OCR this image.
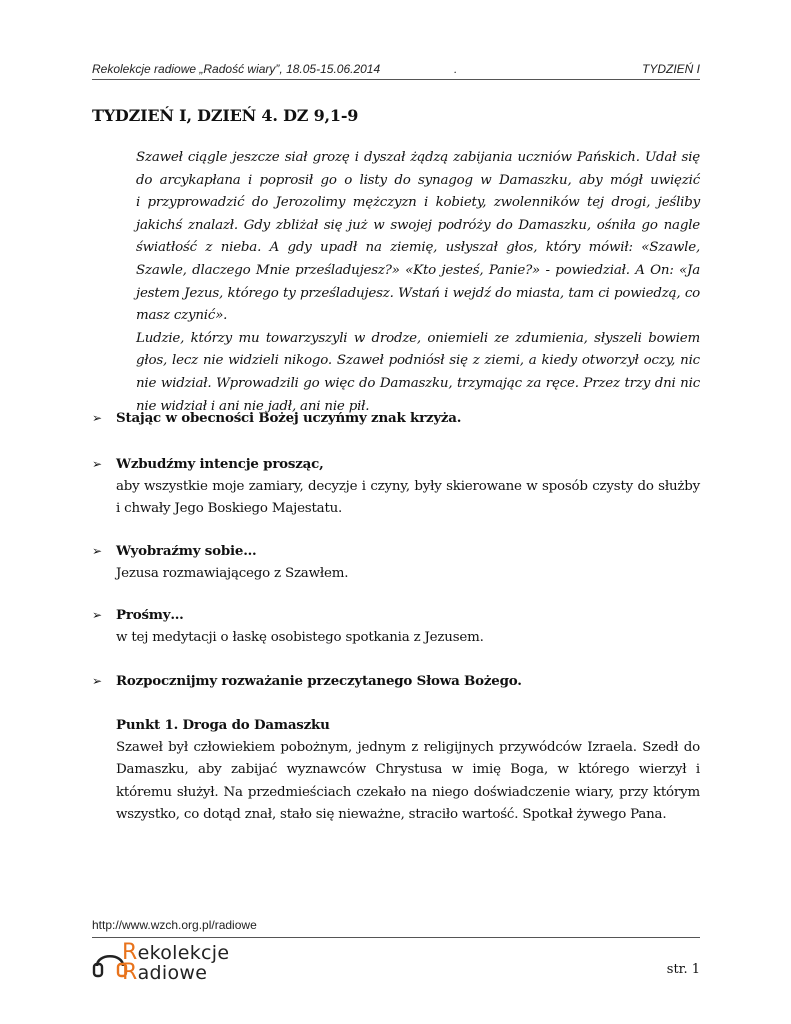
Rekolekcje radiowe „Radość wiary”, 18.05-15.06.2014	.	TYDZIEŃ I
TYDZIEŃ I, DZIEŃ 4. DZ 9,1-9

Szaweł ciągle jeszcze siał grozę i dyszał żądzą zabijania uczniów Pańskich. Udał się do arcykapłana i poprosił go o listy do synagog w Damaszku, aby mógł uwięzić i przyprowadzić do Jerozolimy mężczyzn i kobiety, zwolenników tej drogi, jeśliby jakichś znalazł. Gdy zbliżał się już w swojej podróży do Damaszku, ośniła go nagle światłość z nieba. A gdy upadł na ziemię, usłyszał głos, który mówił: «Szawle, Szawle, dlaczego Mnie prześladujesz?» «Kto jesteś, Panie?» - powiedział. A On: «Ja jestem Jezus, którego ty prześladujesz. Wstań i wejdź do miasta, tam ci powiedzą, co masz czynić».

Ludzie, którzy mu towarzyszyli w drodze, oniemieli ze zdumienia, słyszeli bowiem głos, lecz nie widzieli nikogo. Szaweł podniósł się z ziemi, a kiedy otworzył oczy, nic nie widział. Wprowadzili go więc do Damaszku, trzymając za ręce. Przez trzy dni nic nie widział i ani nie jadł, ani nie pił.

➢	Stając w obecności Bożej uczyńmy znak krzyża.
➢	Wzbudźmy intencje prosząc,
aby wszystkie moje zamiary, decyzje i czyny, były skierowane w sposób czysty do służby i chwały Jego Boskiego Majestatu.
➢	Wyobraźmy sobie…
Jezusa rozmawiającego z Szawłem.
➢	Prośmy…
w tej medytacji o łaskę osobistego spotkania z Jezusem.
➢	Rozpocznijmy rozważanie przeczytanego Słowa Bożego.
Punkt 1. Droga do Damaszku
Szaweł był człowiekiem pobożnym, jednym z religijnych przywódców Izraela. Szedł do Damaszku, aby zabijać wyznawców Chrystusa w imię Boga, w którego wierzył i któremu służył. Na przedmieściach czekało na niego doświadczenie wiary, przy którym wszystko, co dotąd znał, stało się nieważne, straciło wartość. Spotkał żywego Pana.
http://www.wzch.org.pl/radiowe
Rekolekcje
Radiowe	str. 1
